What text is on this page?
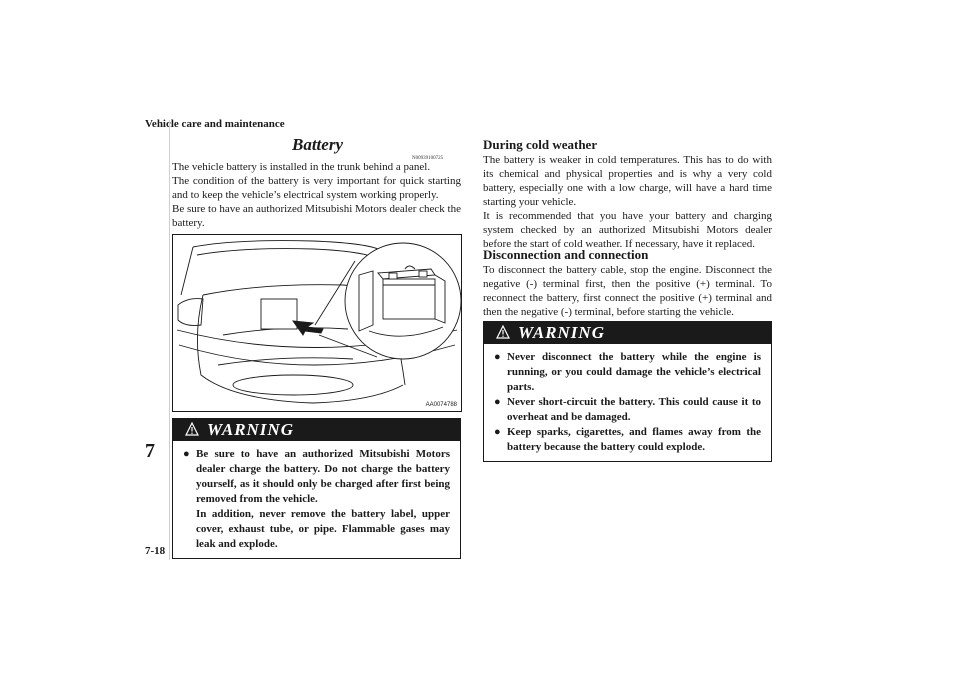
Vehicle care and maintenance
7
7-18
Battery
N00939100725

The vehicle battery is installed in the trunk behind a panel.

The condition of the battery is very important for quick starting and to keep the vehicle’s electrical system working properly.

Be sure to have an authorized Mitsubishi Motors dealer check the battery.

AA0074788
WARNING
● Be sure to have an authorized Mitsubishi Motors dealer charge the battery. Do not charge the battery yourself, as it should only be charged after first being removed from the vehicle.
In addition, never remove the battery label, upper cover, exhaust tube, or pipe. Flammable gases may leak and explode.
During cold weather

The battery is weaker in cold temperatures. This has to do with its chemical and physical properties and is why a very cold battery, especially one with a low charge, will have a hard time starting your vehicle.

It is recommended that you have your battery and charging system checked by an authorized Mitsubishi Motors dealer before the start of cold weather. If necessary, have it replaced.

Disconnection and connection
To disconnect the battery cable, stop the engine. Disconnect the negative (-) terminal first, then the positive (+) terminal. To reconnect the battery, first connect the positive (+) terminal and then the negative (-) terminal, before starting the vehicle.
WARNING
● Never disconnect the battery while the engine is running, or you could damage the vehicle’s electrical parts.
● Never short-circuit the battery. This could cause it to overheat and be damaged.
● Keep sparks, cigarettes, and flames away from the battery because the battery could explode.
